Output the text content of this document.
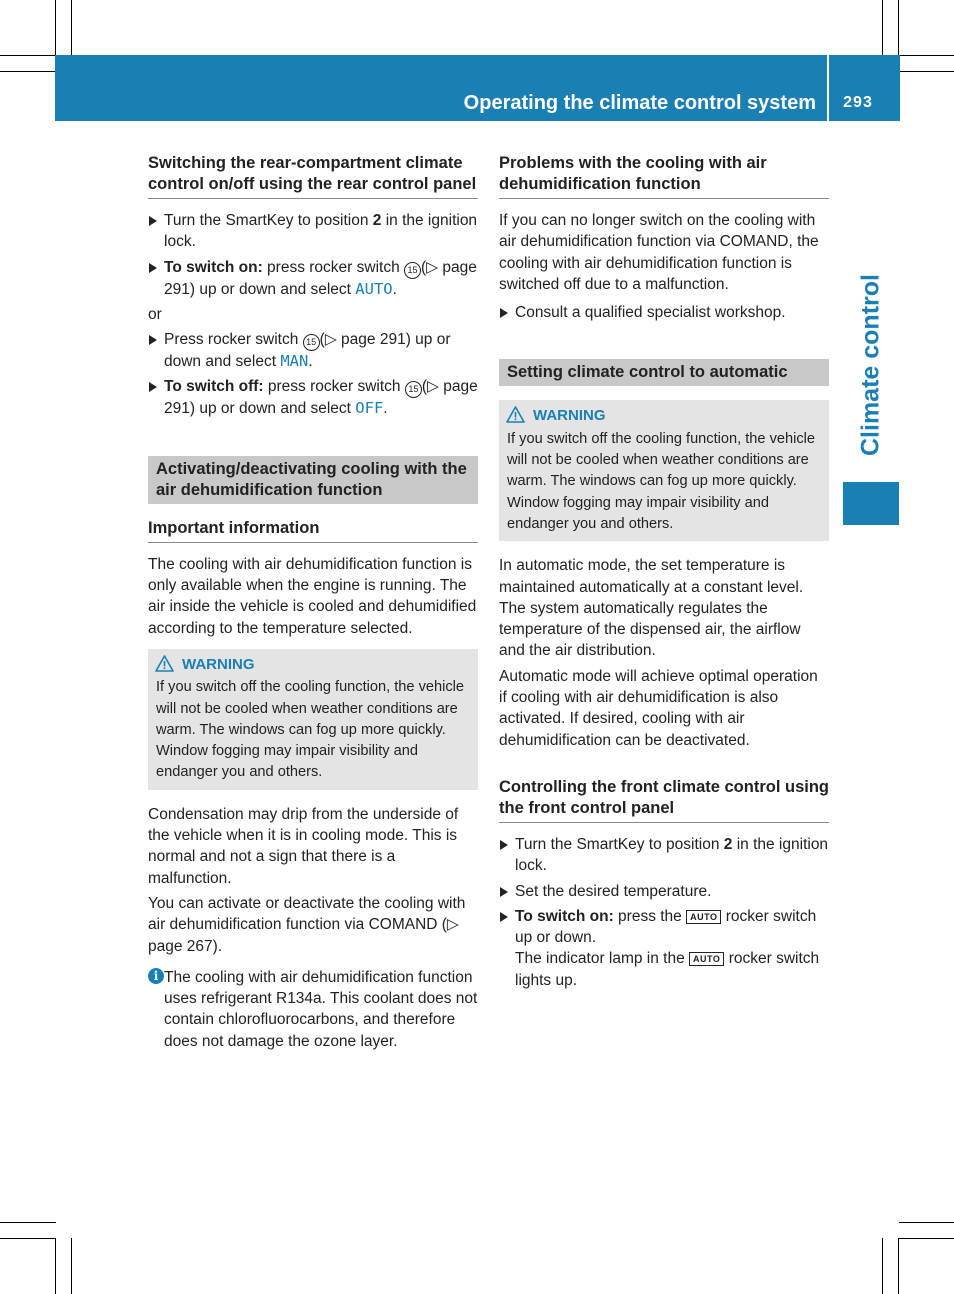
Operating the climate control system	293
Climate control
Switching the rear-compartment climate control on/off using the rear control panel
Turn the SmartKey to position 2 in the ignition lock.
To switch on: press rocker switch 15 (▷ page 291) up or down and select AUTO.
or
Press rocker switch 15 (▷ page 291) up or down and select MAN.
To switch off: press rocker switch 15 (▷ page 291) up or down and select OFF.
Activating/deactivating cooling with the air dehumidification function
Important information
The cooling with air dehumidification function is only available when the engine is running. The air inside the vehicle is cooled and dehumidified according to the temperature selected.
WARNING
If you switch off the cooling function, the vehicle will not be cooled when weather conditions are warm. The windows can fog up more quickly. Window fogging may impair visibility and endanger you and others.
Condensation may drip from the underside of the vehicle when it is in cooling mode. This is normal and not a sign that there is a malfunction.
You can activate or deactivate the cooling with air dehumidification function via COMAND (▷ page 267).
i The cooling with air dehumidification function uses refrigerant R134a. This coolant does not contain chlorofluorocarbons, and therefore does not damage the ozone layer.
Problems with the cooling with air dehumidification function
If you can no longer switch on the cooling with air dehumidification function via COMAND, the cooling with air dehumidification function is switched off due to a malfunction.
Consult a qualified specialist workshop.
Setting climate control to automatic
WARNING
If you switch off the cooling function, the vehicle will not be cooled when weather conditions are warm. The windows can fog up more quickly. Window fogging may impair visibility and endanger you and others.
In automatic mode, the set temperature is maintained automatically at a constant level. The system automatically regulates the temperature of the dispensed air, the airflow and the air distribution.
Automatic mode will achieve optimal operation if cooling with air dehumidification is also activated. If desired, cooling with air dehumidification can be deactivated.
Controlling the front climate control using the front control panel
Turn the SmartKey to position 2 in the ignition lock.
Set the desired temperature.
To switch on: press the AUTO rocker switch up or down.
The indicator lamp in the AUTO rocker switch lights up.
